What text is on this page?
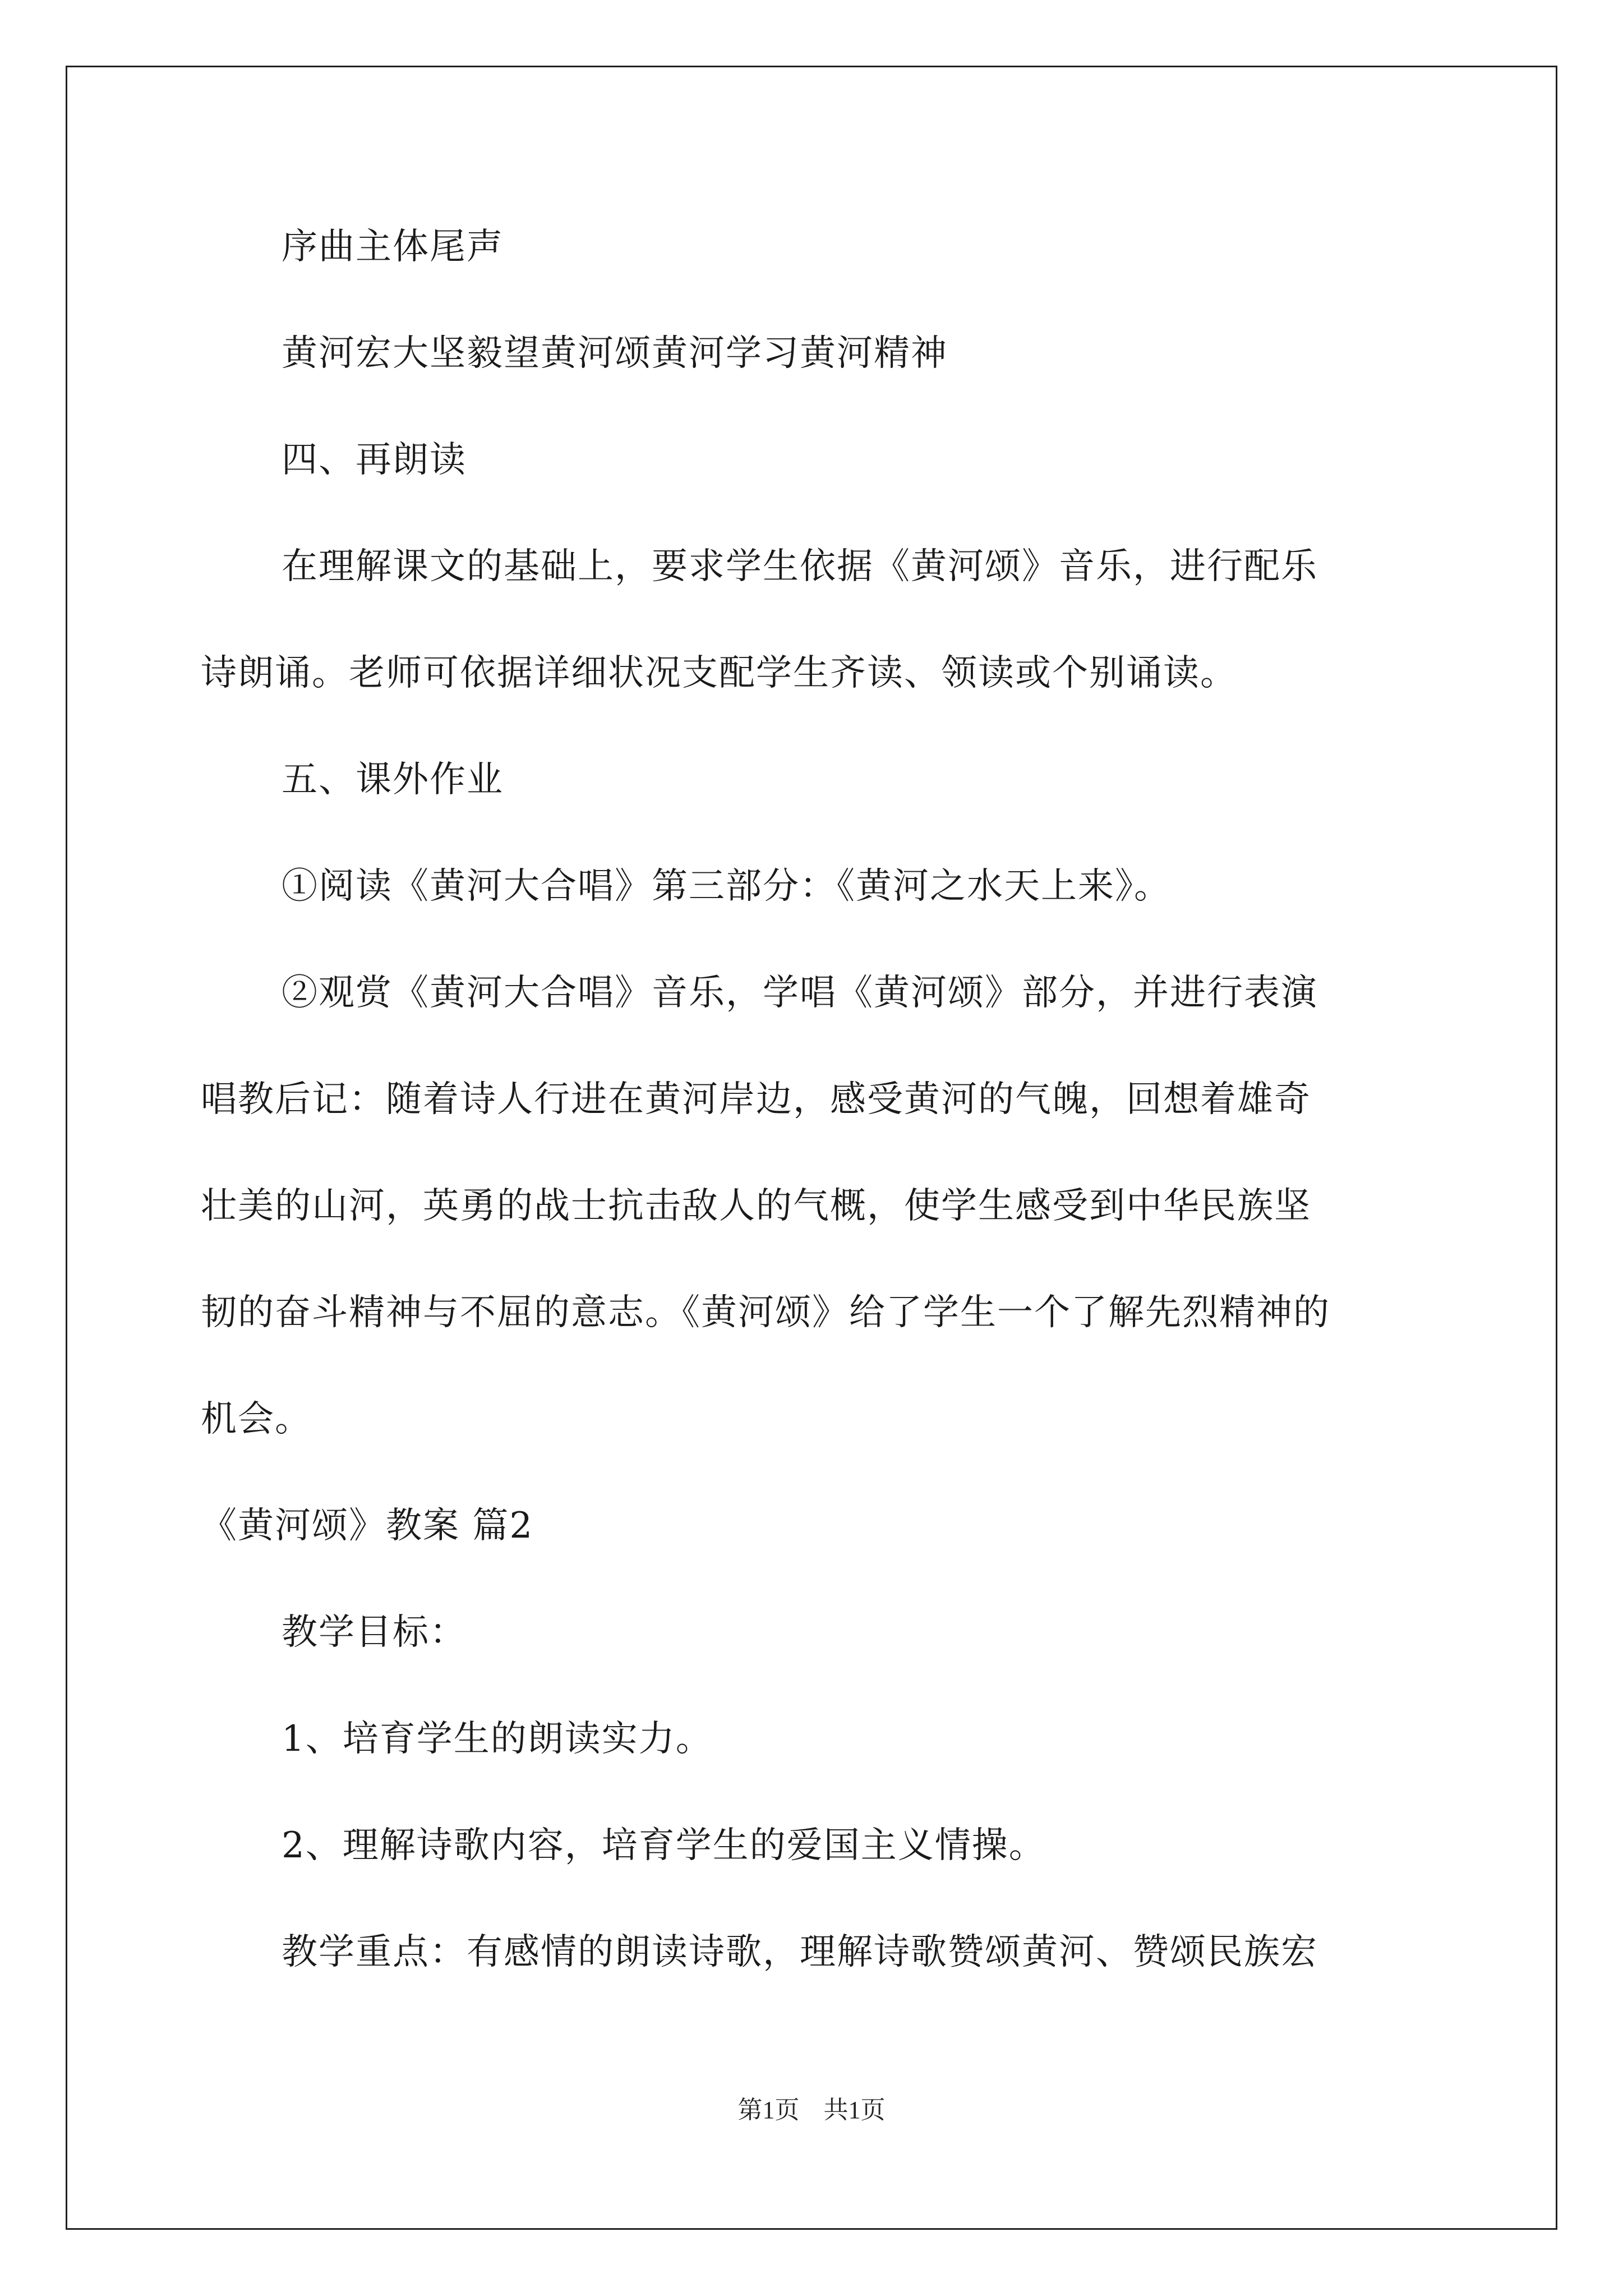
序曲主体尾声
黄河宏大坚毅望黄河颂黄河学习黄河精神
四、再朗读
在理解课文的基础上，要求学生依据《黄河颂》音乐，进行配乐
诗朗诵。老师可依据详细状况支配学生齐读、领读或个别诵读。
五、课外作业
①阅读《黄河大合唱》第三部分：《黄河之水天上来》。
②观赏《黄河大合唱》音乐，学唱《黄河颂》部分，并进行表演
唱教后记：随着诗人行进在黄河岸边，感受黄河的气魄，回想着雄奇
壮美的山河，英勇的战士抗击敌人的气概，使学生感受到中华民族坚
韧的奋斗精神与不屈的意志。《黄河颂》给了学生一个了解先烈精神的
机会。
《黄河颂》教案 篇2
教学目标：
1、培育学生的朗读实力。
2、理解诗歌内容，培育学生的爱国主义情操。
教学重点：有感情的朗读诗歌，理解诗歌赞颂黄河、赞颂民族宏
第1页 共1页
